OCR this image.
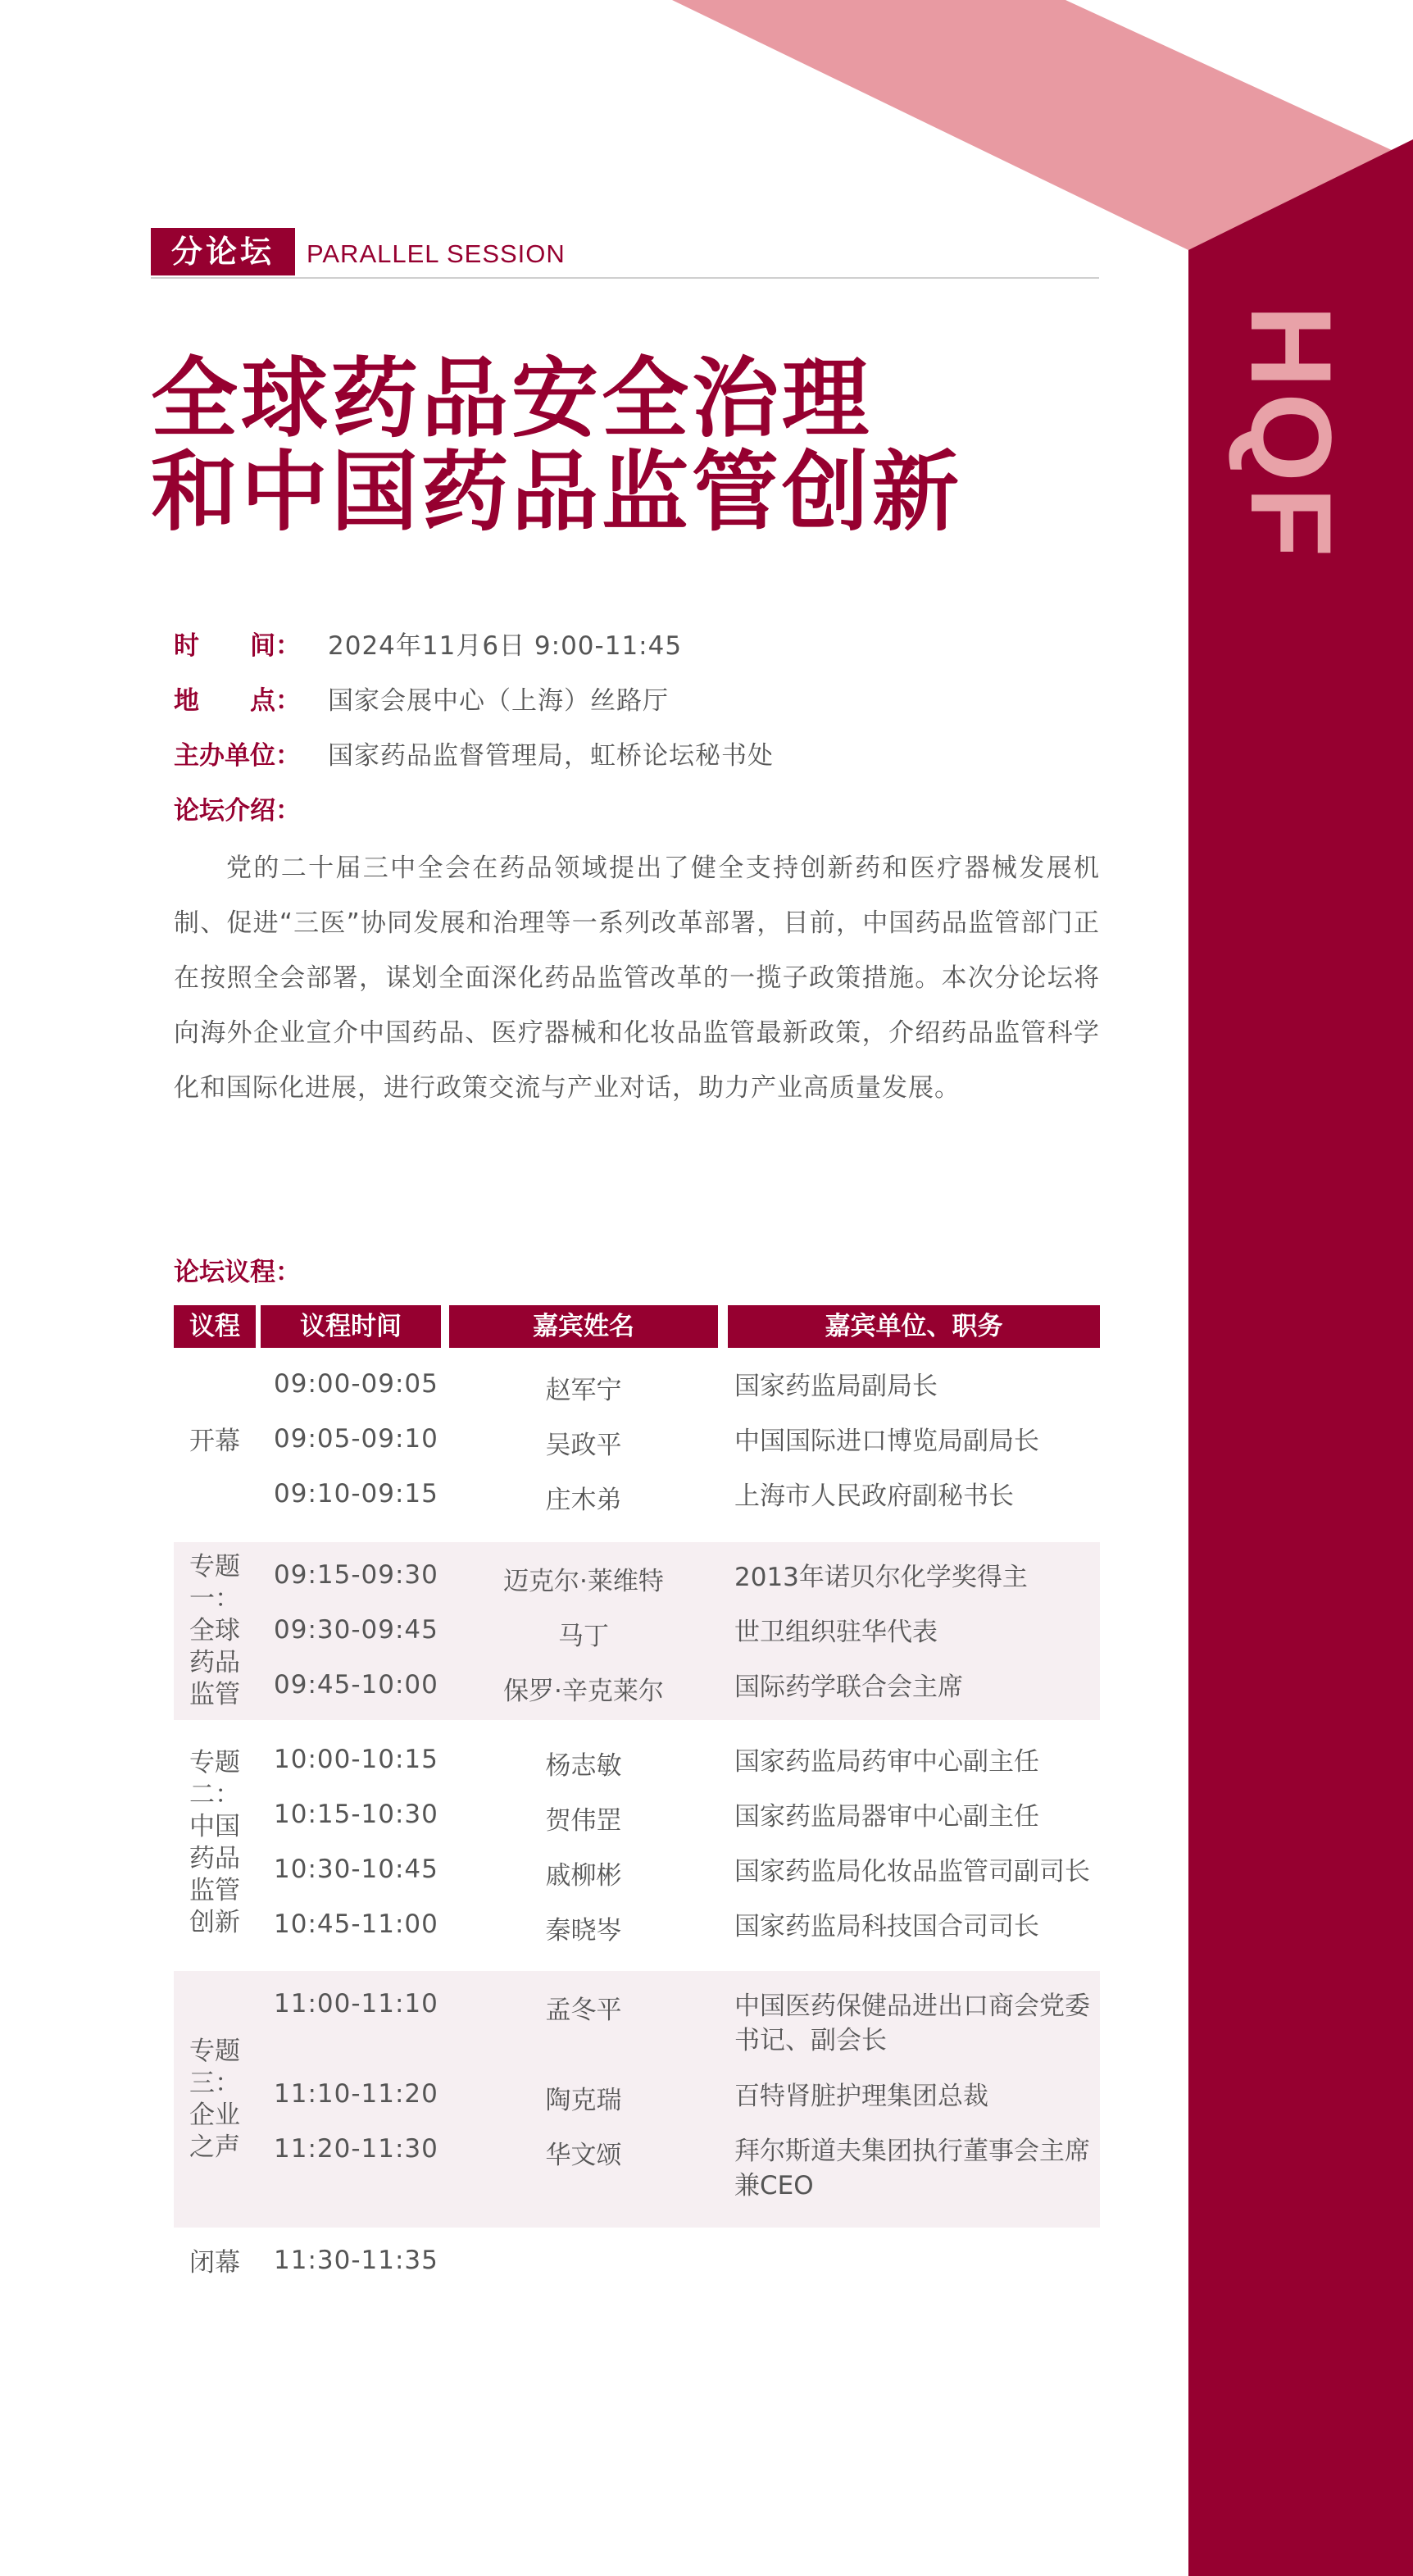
HQF
分论坛	PARALLEL SESSION
全球药品安全治理
和中国药品监管创新
时　　间： 2024年11月6日 9:00-11:45
地　　点： 国家会展中心（上海）丝路厅
主办单位： 国家药品监督管理局，虹桥论坛秘书处
论坛介绍：
党的二十届三中全会在药品领域提出了健全支持创新药和医疗器械发展机制、促进“三医”协同发展和治理等一系列改革部署，目前，中国药品监管部门正在按照全会部署，谋划全面深化药品监管改革的一揽子政策措施。本次分论坛将向海外企业宣介中国药品、医疗器械和化妆品监管最新政策，介绍药品监管科学化和国际化进展，进行政策交流与产业对话，助力产业高质量发展。
论坛议程：
议程	议程时间	嘉宾姓名	嘉宾单位、职务
开幕
09:00-09:05	赵军宁	国家药监局副局长
09:05-09:10	吴政平	中国国际进口博览局副局长
09:10-09:15	庄木弟	上海市人民政府副秘书长
专题一：全球药品监管
09:15-09:30	迈克尔·莱维特	2013年诺贝尔化学奖得主
09:30-09:45	马丁	世卫组织驻华代表
09:45-10:00	保罗·辛克莱尔	国际药学联合会主席
专题二：中国药品监管创新
10:00-10:15	杨志敏	国家药监局药审中心副主任
10:15-10:30	贺伟罡	国家药监局器审中心副主任
10:30-10:45	戚柳彬	国家药监局化妆品监管司副司长
10:45-11:00	秦晓岑	国家药监局科技国合司司长
专题三：企业之声
11:00-11:10	孟冬平	中国医药保健品进出口商会党委书记、副会长
11:10-11:20	陶克瑞	百特肾脏护理集团总裁
11:20-11:30	华文颂	拜尔斯道夫集团执行董事会主席兼CEO
闭幕 11:30-11:35
